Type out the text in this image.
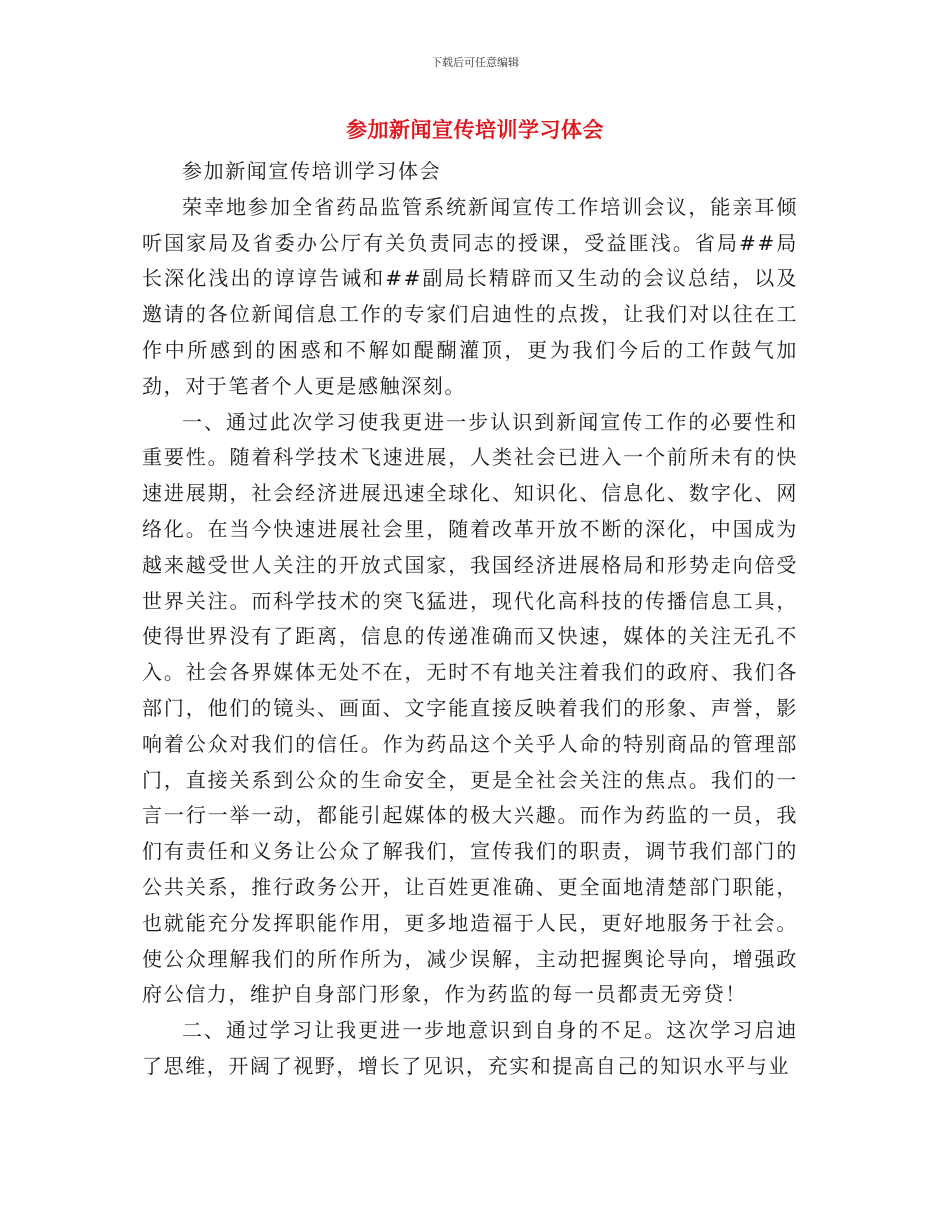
下载后可任意编辑
参加新闻宣传培训学习体会

参加新闻宣传培训学习体会

荣幸地参加全省药品监管系统新闻宣传工作培训会议，能亲耳倾听国家局及省委办公厅有关负责同志的授课，受益匪浅。省局##局长深化浅出的谆谆告诫和##副局长精辟而又生动的会议总结，以及邀请的各位新闻信息工作的专家们启迪性的点拨，让我们对以往在工作中所感到的困惑和不解如醍醐灌顶，更为我们今后的工作鼓气加劲，对于笔者个人更是感触深刻。

一、通过此次学习使我更进一步认识到新闻宣传工作的必要性和重要性。随着科学技术飞速进展，人类社会已进入一个前所未有的快速进展期，社会经济进展迅速全球化、知识化、信息化、数字化、网络化。在当今快速进展社会里，随着改革开放不断的深化，中国成为越来越受世人关注的开放式国家，我国经济进展格局和形势走向倍受世界关注。而科学技术的突飞猛进，现代化高科技的传播信息工具，使得世界没有了距离，信息的传递准确而又快速，媒体的关注无孔不入。社会各界媒体无处不在，无时不有地关注着我们的政府、我们各部门，他们的镜头、画面、文字能直接反映着我们的形象、声誉，影响着公众对我们的信任。作为药品这个关乎人命的特别商品的管理部门，直接关系到公众的生命安全，更是全社会关注的焦点。我们的一言一行一举一动，都能引起媒体的极大兴趣。而作为药监的一员，我们有责任和义务让公众了解我们，宣传我们的职责，调节我们部门的公共关系，推行政务公开，让百姓更准确、更全面地清楚部门职能，也就能充分发挥职能作用，更多地造福于人民，更好地服务于社会。使公众理解我们的所作所为，减少误解，主动把握舆论导向，增强政府公信力，维护自身部门形象，作为药监的每一员都责无旁贷！

二、通过学习让我更进一步地意识到自身的不足。这次学习启迪了思维，开阔了视野，增长了见识，充实和提高自己的知识水平与业
